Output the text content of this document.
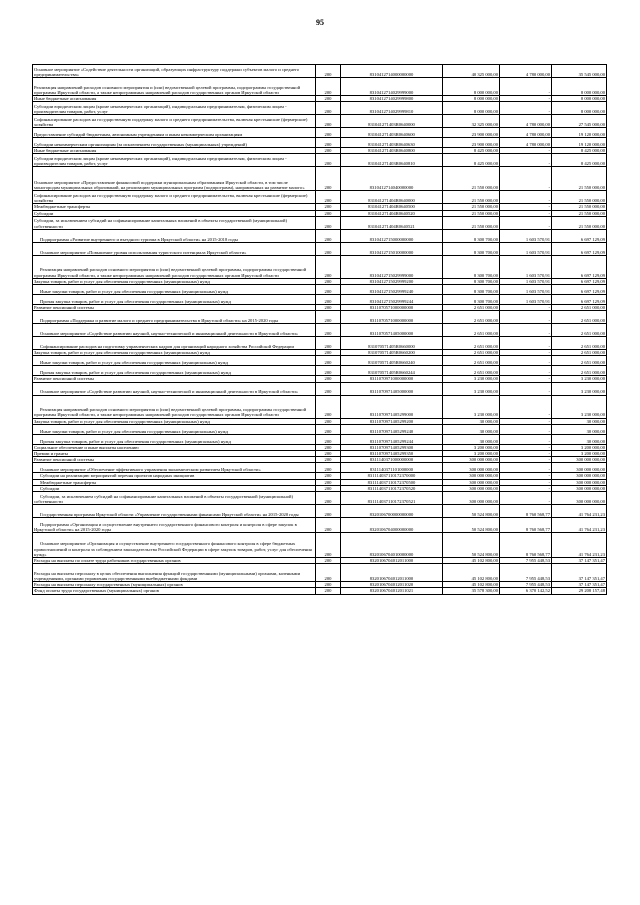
95
Основное мероприятие «Содействие деятельности организаций, образующих инфраструктуру поддержки субъектов малого и среднего предпринимательства»	200	8310412714000000000	40 325 000,00	4 780 000,00	35 545 000,00
Реализация направлений расходов основного мероприятия и (или) ведомственной целевой программы, подпрограммы государственной программы Иркутской области, а также непрограммных направлений расходов государственных органов Иркутской области	200	8310412714029999000	8 000 000,00	-	8 000 000,00
Иные бюджетные ассигнования	200	8310412714029999800	8 000 000,00	-	8 000 000,00
Субсидии юридическим лицам (кроме некоммерческих организаций), индивидуальным предпринимателям, физическим лицам - производителям товаров, работ, услуг	200	8310412714029999810	8 000 000,00	-	8 000 000,00
Софинансирование расходов на государственную поддержку малого и среднего предпринимательства, включая крестьянские (фермерские) хозяйства	200	831041271403R0640000	32 325 000,00	4 780 000,00	27 545 000,00
Предоставление субсидий бюджетным, автономным учреждениям и иным некоммерческим организациям	200	831041271403R0640600	23 900 000,00	4 780 000,00	19 120 000,00
Субсидии некоммерческим организациям (за исключением государственных (муниципальных) учреждений)	200	831041271403R0640630	23 900 000,00	4 780 000,00	19 120 000,00
Иные бюджетные ассигнования	200	831041271403R0640800	8 425 000,00	-	8 425 000,00
Субсидии юридическим лицам (кроме некоммерческих организаций), индивидуальным предпринимателям, физическим лицам - производителям товаров, работ, услуг	200	831041271403R0640810	8 425 000,00	-	8 425 000,00
Основное мероприятие «Предоставление финансовой поддержки муниципальным образованиям Иркутской области, в том числе моногородам муниципальных образований, на реализацию муниципальных программ (подпрограмм), направленных на развитие малого»	200	8310412714040000000	21 550 000,00	-	21 550 000,00
Софинансирование расходов на государственную поддержку малого и среднего предпринимательства, включая крестьянские (фермерские) хозяйства	200	831041271404R0640000	21 550 000,00	-	21 550 000,00
Межбюджетные трансферты	200	831041271404R0640500	21 550 000,00	-	21 550 000,00
Субсидии	200	831041271404R0640520	21 550 000,00	-	21 550 000,00
Субсидии, за исключением субсидий на софинансирование капитальных вложений в объекты государственной (муниципальной) собственности	200	831041271404R0640521	21 550 000,00	-	21 550 000,00
Подпрограмма «Развитие внутреннего и въездного туризма в Иркутской области» на 2015-2018 годы	200	8310412715000000000	8 300 700,00	1 603 570,91	6 697 129,09
Основное мероприятие «Повышение уровня использования туристского потенциала Иркутской области»	200	8310412715010000000	8 300 700,00	1 603 570,91	6 697 129,09
Реализация направлений расходов основного мероприятия и (или) ведомственной целевой программы, подпрограммы государственной программы Иркутской области, а также непрограммных направлений расходов государственных органов Иркутской области	200	8310412715029999000	8 300 700,00	1 603 570,91	6 697 129,09
Закупка товаров, работ и услуг для обеспечения государственных (муниципальных) нужд	200	8310412715029999200	8 300 700,00	1 603 570,91	6 697 129,09
Иные закупки товаров, работ и услуг для обеспечения государственных (муниципальных) нужд	200	8310412715029999240	8 300 700,00	1 603 570,91	6 697 129,09
Прочая закупка товаров, работ и услуг для обеспечения государственных (муниципальных) нужд	200	8310412715029999244	8 300 700,00	1 603 570,91	6 697 129,09
Развитие пенсионной системы	200	8311070571000000000	2 651 000,00	-	2 651 000,00
Подпрограмма «Поддержка и развитие малого и среднего предпринимательства в Иркутской области» на 2015-2020 годы	200	8311070571000000000	2 651 000,00	-	2 651 000,00
Основное мероприятие «Содействие развитию научной, научно-технической и инновационной деятельности в Иркутской области»	200	8311070571405000000	2 651 000,00	-	2 651 000,00
Софинансирование расходов на подготовку управленческих кадров для организаций народного хозяйства Российской Федерации	200	831070571405R0660000	2 651 000,00	-	2 651 000,00
Закупка товаров, работ и услуг для обеспечения государственных (муниципальных) нужд	200	831070571405R0660200	2 651 000,00	-	2 651 000,00
Иные закупки товаров, работ и услуг для обеспечения государственных (муниципальных) нужд	200	831070571405R0660240	2 651 000,00	-	2 651 000,00
Прочая закупка товаров, работ и услуг для обеспечения государственных (муниципальных) нужд	200	831070571405R0660244	2 651 000,00	-	2 651 000,00
Развитие пенсионной системы	200	8311070971000000000	3 230 000,00	-	3 230 000,00
Основное мероприятие «Содействие развитию научной, научно-технической и инновационной деятельности в Иркутской области»	200	8311070971405000000	3 230 000,00	-	3 230 000,00
Реализация направлений расходов основного мероприятия и (или) ведомственной целевой программы, подпрограммы государственной программы Иркутской области, а также непрограммных направлений расходов государственных органов Иркутской области	200	8311070971405299000	3 230 000,00	-	3 230 000,00
Закупка товаров, работ и услуг для обеспечения государственных (муниципальных) нужд	200	8311070971405299200	30 000,00	-	30 000,00
Иные закупки товаров, работ и услуг для обеспечения государственных (муниципальных) нужд	200	8311070971405299240	30 000,00	-	30 000,00
Прочая закупка товаров, работ и услуг для обеспечения государственных (муниципальных) нужд	200	8311070971405299244	30 000,00	-	30 000,00
Социальное обеспечение и иные выплаты населению	200	8311070971405299300	3 200 000,00	-	3 200 000,00
Премии и гранты	200	8311070971405299350	3 200 000,00	-	3 200 000,00
Развитие пенсионной системы	200	8311140371000000000	300 000 000,00	-	300 000 000,00
Основное мероприятие «Обеспечение эффективного управления экономическим развитием Иркутской области»	200	8311140371101000000	300 000 000,00	-	300 000 000,00
Субсидии на реализацию мероприятий перечня проектов народных инициатив	200	831114037110172370000	300 000 000,00	-	300 000 000,00
Межбюджетные трансферты	200	831114037110172370500	300 000 000,00	-	300 000 000,00
Субсидии	200	831114037110172370520	300 000 000,00	-	300 000 000,00
Субсидии, за исключением субсидий на софинансирование капитальных вложений в объекты государственной (муниципальной) собственности	200	831114037110172370521	300 000 000,00	-	300 000 000,00
Государственная программа Иркутской области «Управление государственными финансами Иркутской области» на 2015-2020 годы	200	8320106700000000000	50 524 800,00	8 760 568,77	41 764 231,23
Подпрограмма «Организация и осуществление внутреннего государственного финансового контроля и контроля в сфере закупок в Иркутской области» на 2015-2020 годы	200	8320106704000000000	50 524 800,00	8 760 568,77	41 764 231,23
Основное мероприятие «Организация и осуществление внутреннего государственного финансового контроля в сфере бюджетных правоотношений и контроля за соблюдением законодательства Российской Федерации в сфере закупок товаров, работ, услуг для обеспечения нужд»	200	8320106704010000000	50 524 800,00	8 760 568,77	41 764 231,23
Расходы на выплаты по оплате труда работников государственных органов	200	8320106704012011000	45 102 800,00	7 955 448,53	37 147 351,47
Расходы на выплаты персоналу в целях обеспечения выполнения функций государственными (муниципальными) органами, казенными учреждениями, органами управления государственными внебюджетными фондами	200	8320106704012011000	45 102 800,00	7 955 448,53	37 147 351,47
Расходы на выплаты персоналу государственных (муниципальных) органов	200	8320106704012011020	45 102 800,00	7 955 448,53	37 147 351,47
Фонд оплаты труда государственных (муниципальных) органов	200	8320106704012011021	35 578 300,00	6 370 142,52	29 208 157,48
